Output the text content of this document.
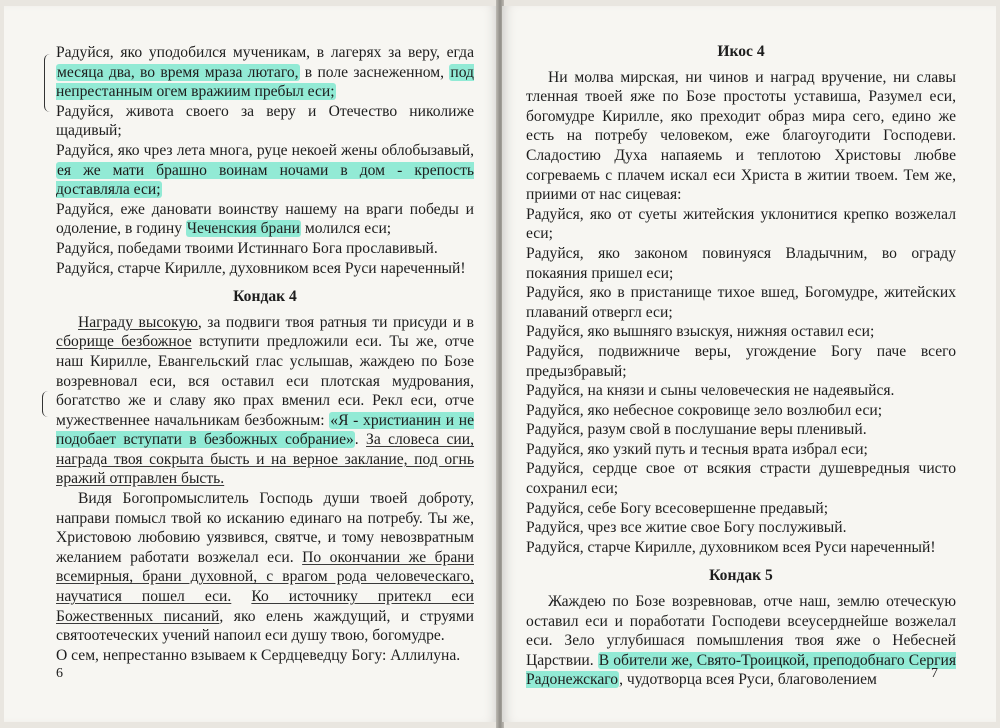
Радуйся, яко уподобился мученикам, в лагерях за веру, егда месяца два, во время мраза лютаго, в поле заснеженном, под непрестанным огем вражиим пребыл еси;

Радуйся, живота своего за веру и Отечество николиже щадивый;

Радуйся, яко чрез лета многа, руце некоей жены облобызавый, ея же мати брашно воинам ночами в дом - крепость доставляла еси;

Радуйся, еже дановати воинству нашему на враги победы и одоление, в годину Чеченския брани молился еси;

Радуйся, победами твоими Истиннаго Бога прославивый.

Радуйся, старче Кирилле, духовником всея Руси нареченный!

Кондак 4

Награду высокую, за подвиги твоя ратныя ти присуди и в сборище безбожное вступити предложили еси. Ты же, отче наш Кирилле, Евангельский глас услышав, жаждею по Бозе возревновал еси, вся оставил еси плотская мудрования, богатство же и славу яко прах вменил еси. Рекл еси, отче мужественнее начальникам безбожным: «Я - христианин и не подобает вступати в безбожных собрание». За словеса сии, награда твоя сокрыта бысть и на верное заклание, под огнь вражий отправлен бысть.

Видя Богопромыслитель Господь души твоей доброту, направи помысл твой ко исканию единаго на потребу. Ты же, Христовою любовию уязвився, святче, и тому невозвратным желанием работати возжелал еси. По окончании же брани всемирныя, брани духовной, с врагом рода человеческаго, научатися пошел еси. Ко источнику притекл еси Божественных писаний, яко елень жаждущий, и струями святоотеческих учений напоил еси душу твою, богомудре.

О сем, непрестанно взываем к Сердцеведцу Богу: Аллилуна.

6
Икос 4

Ни молва мирская, ни чинов и наград вручение, ни славы тленная твоей яже по Бозе простоты уставиша, Разумел еси, богомудре Кирилле, яко преходит образ мира сего, едино же есть на потребу человеком, еже благоугодити Господеви. Сладостию Духа напаяемь и теплотою Христовы любве согреваемь с плачем искал еси Христа в житии твоем. Тем же, приими от нас сицевая:

Радуйся, яко от суеты житейския уклонитися крепко возжелал еси;

Радуйся, яко законом повинуяся Владычним, во ограду покаяния пришел еси;

Радуйся, яко в пристанище тихое вшед, Богомудре, житейских плаваний отвергл еси;

Радуйся, яко вышняго взыскуя, нижняя оставил еси;

Радуйся, подвижниче веры, угождение Богу паче всего предызбравый;

Радуйся, на князи и сыны человеческия не надеявыйся.

Радуйся, яко небесное сокровище зело возлюбил еси;

Радуйся, разум свой в послушание веры пленивый.

Радуйся, яко узкий путь и тесныя врата избрал еси;

Радуйся, сердце свое от всякия страсти душевредныя чисто сохранил еси;

Радуйся, себе Богу всесовершенне предавый;

Радуйся, чрез все житие свое Богу послуживый.

Радуйся, старче Кирилле, духовником всея Руси нареченный!

Кондак 5

Жаждею по Бозе возревновав, отче наш, землю отеческую оставил еси и поработати Господеви всеусерднейше возжелал еси. Зело углубишася помышления твоя яже о Небесней Царствии. В обители же, Свято-Троицкой, преподобнаго Сергия Радонежскаго, чудотворца всея Руси, благоволением	7
